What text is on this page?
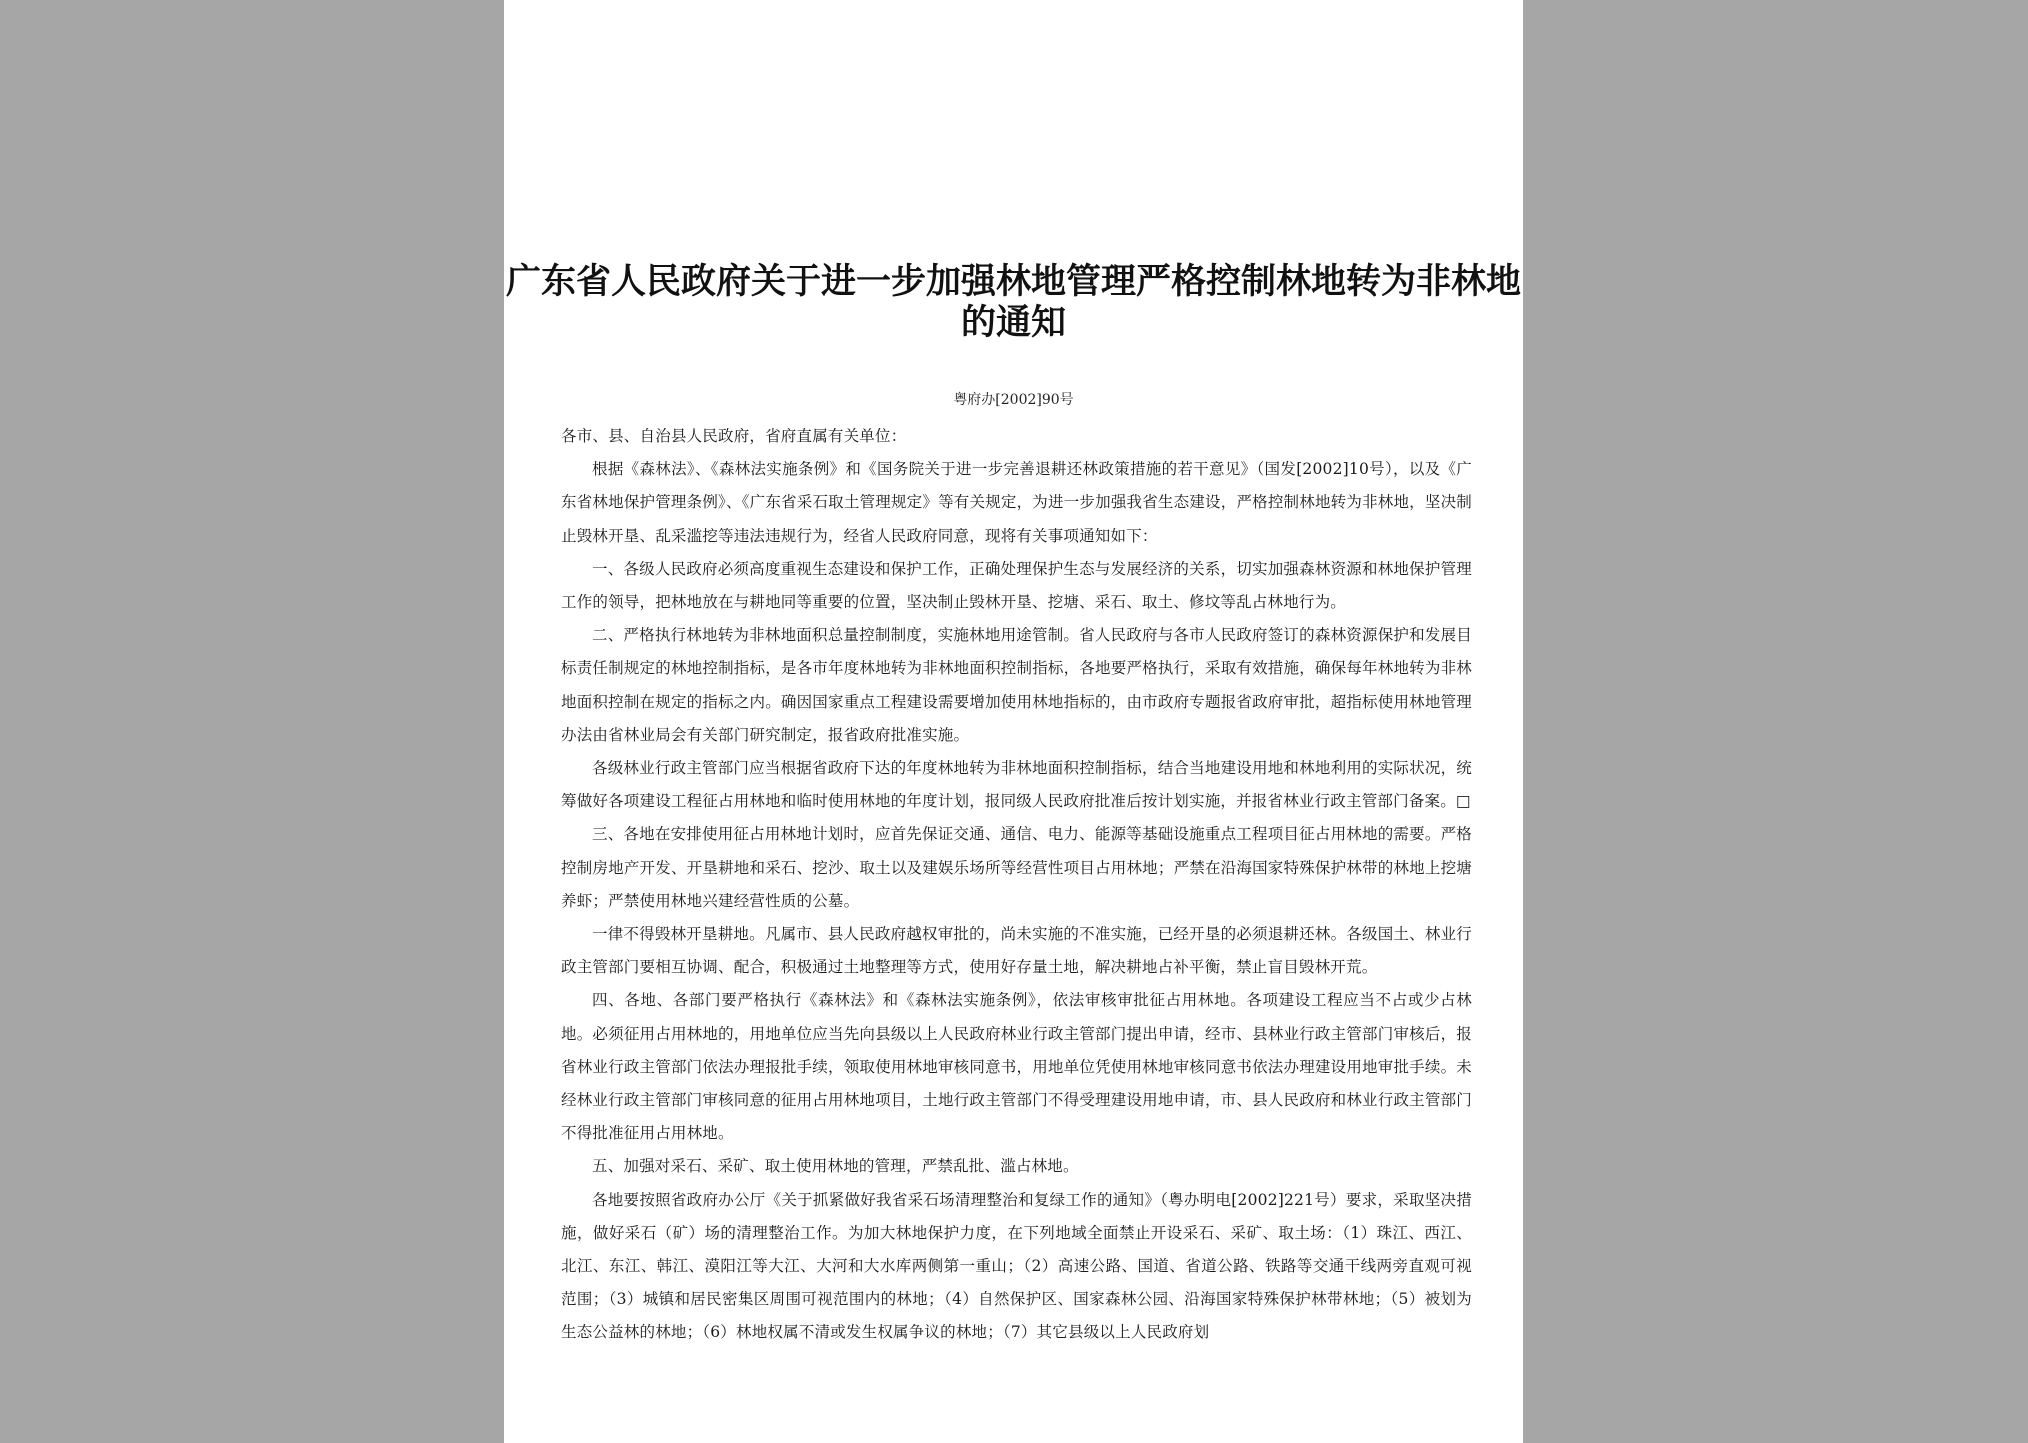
广东省人民政府关于进一步加强林地管理严格控制林地转为非林地的通知
粤府办[2002]90号

各市、县、自治县人民政府，省府直属有关单位：

根据《森林法》、《森林法实施条例》和《国务院关于进一步完善退耕还林政策措施的若干意见》（国发[2002]10号），以及《广东省林地保护管理条例》、《广东省采石取土管理规定》等有关规定，为进一步加强我省生态建设，严格控制林地转为非林地，坚决制止毁林开垦、乱采滥挖等违法违规行为，经省人民政府同意，现将有关事项通知如下：

一、各级人民政府必须高度重视生态建设和保护工作，正确处理保护生态与发展经济的关系，切实加强森林资源和林地保护管理工作的领导，把林地放在与耕地同等重要的位置，坚决制止毁林开垦、挖塘、采石、取土、修坟等乱占林地行为。

二、严格执行林地转为非林地面积总量控制制度，实施林地用途管制。省人民政府与各市人民政府签订的森林资源保护和发展目标责任制规定的林地控制指标，是各市年度林地转为非林地面积控制指标，各地要严格执行，采取有效措施，确保每年林地转为非林地面积控制在规定的指标之内。确因国家重点工程建设需要增加使用林地指标的，由市政府专题报省政府审批，超指标使用林地管理办法由省林业局会有关部门研究制定，报省政府批准实施。

各级林业行政主管部门应当根据省政府下达的年度林地转为非林地面积控制指标，结合当地建设用地和林地利用的实际状况，统筹做好各项建设工程征占用林地和临时使用林地的年度计划，报同级人民政府批准后按计划实施，并报省林业行政主管部门备案。□

三、各地在安排使用征占用林地计划时，应首先保证交通、通信、电力、能源等基础设施重点工程项目征占用林地的需要。严格控制房地产开发、开垦耕地和采石、挖沙、取土以及建娱乐场所等经营性项目占用林地；严禁在沿海国家特殊保护林带的林地上挖塘养虾；严禁使用林地兴建经营性质的公墓。

一律不得毁林开垦耕地。凡属市、县人民政府越权审批的，尚未实施的不准实施，已经开垦的必须退耕还林。各级国土、林业行政主管部门要相互协调、配合，积极通过土地整理等方式，使用好存量土地，解决耕地占补平衡，禁止盲目毁林开荒。

四、各地、各部门要严格执行《森林法》和《森林法实施条例》，依法审核审批征占用林地。各项建设工程应当不占或少占林地。必须征用占用林地的，用地单位应当先向县级以上人民政府林业行政主管部门提出申请，经市、县林业行政主管部门审核后，报省林业行政主管部门依法办理报批手续，领取使用林地审核同意书，用地单位凭使用林地审核同意书依法办理建设用地审批手续。未经林业行政主管部门审核同意的征用占用林地项目，土地行政主管部门不得受理建设用地申请，市、县人民政府和林业行政主管部门不得批准征用占用林地。

五、加强对采石、采矿、取土使用林地的管理，严禁乱批、滥占林地。

各地要按照省政府办公厅《关于抓紧做好我省采石场清理整治和复绿工作的通知》（粤办明电[2002]221号）要求，采取坚决措施，做好采石（矿）场的清理整治工作。为加大林地保护力度，在下列地域全面禁止开设采石、采矿、取土场：（1）珠江、西江、北江、东江、韩江、漠阳江等大江、大河和大水库两侧第一重山；（2）高速公路、国道、省道公路、铁路等交通干线两旁直观可视范围；（3）城镇和居民密集区周围可视范围内的林地；（4）自然保护区、国家森林公园、沿海国家特殊保护林带林地；（5）被划为生态公益林的林地；（6）林地权属不清或发生权属争议的林地；（7）其它县级以上人民政府划
